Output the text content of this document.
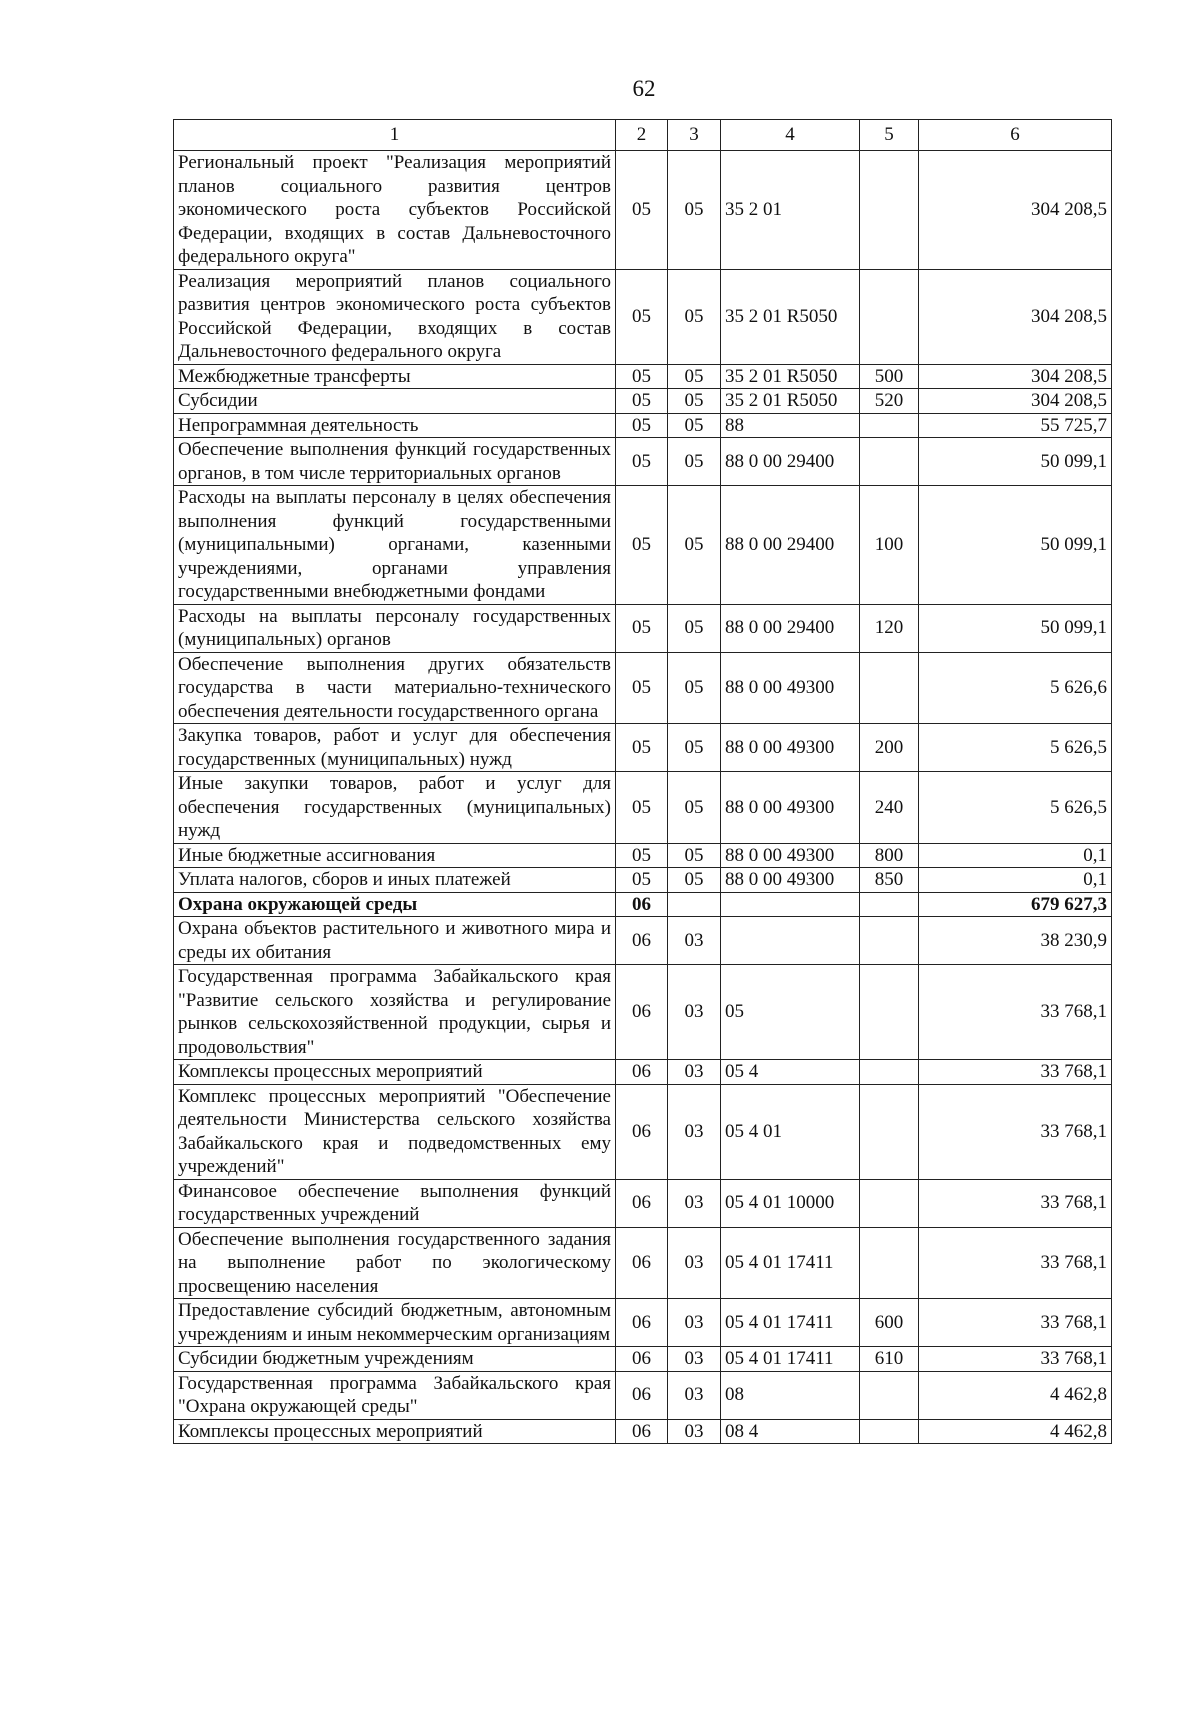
62
1	2	3	4	5	6
Региональный проект "Реализация мероприятий планов социального развития центров экономического роста субъектов Российской Федерации, входящих в состав Дальневосточного федерального округа"	05	05	35 2 01		304 208,5
Реализация мероприятий планов социального развития центров экономического роста субъектов Российской Федерации, входящих в состав Дальневосточного федерального округа	05	05	35 2 01 R5050		304 208,5
Межбюджетные трансферты	05	05	35 2 01 R5050	500	304 208,5
Субсидии	05	05	35 2 01 R5050	520	304 208,5
Непрограммная деятельность	05	05	88		55 725,7
Обеспечение выполнения функций государственных органов, в том числе территориальных органов	05	05	88 0 00 29400		50 099,1
Расходы на выплаты персоналу в целях обеспечения выполнения функций государственными (муниципальными) органами, казенными учреждениями, органами управления государственными внебюджетными фондами	05	05	88 0 00 29400	100	50 099,1
Расходы на выплаты персоналу государственных (муниципальных) органов	05	05	88 0 00 29400	120	50 099,1
Обеспечение выполнения других обязательств государства в части материально-технического обеспечения деятельности государственного органа	05	05	88 0 00 49300		5 626,6
Закупка товаров, работ и услуг для обеспечения государственных (муниципальных) нужд	05	05	88 0 00 49300	200	5 626,5
Иные закупки товаров, работ и услуг для обеспечения государственных (муниципальных) нужд	05	05	88 0 00 49300	240	5 626,5
Иные бюджетные ассигнования	05	05	88 0 00 49300	800	0,1
Уплата налогов, сборов и иных платежей	05	05	88 0 00 49300	850	0,1
Охрана окружающей среды	06				679 627,3
Охрана объектов растительного и животного мира и среды их обитания	06	03			38 230,9
Государственная программа Забайкальского края "Развитие сельского хозяйства и регулирование рынков сельскохозяйственной продукции, сырья и продовольствия"	06	03	05		33 768,1
Комплексы процессных мероприятий	06	03	05 4		33 768,1
Комплекс процессных мероприятий "Обеспечение деятельности Министерства сельского хозяйства Забайкальского края и подведомственных ему учреждений"	06	03	05 4 01		33 768,1
Финансовое обеспечение выполнения функций государственных учреждений	06	03	05 4 01 10000		33 768,1
Обеспечение выполнения государственного задания на выполнение работ по экологическому просвещению населения	06	03	05 4 01 17411		33 768,1
Предоставление субсидий бюджетным, автономным учреждениям и иным некоммерческим организациям	06	03	05 4 01 17411	600	33 768,1
Субсидии бюджетным учреждениям	06	03	05 4 01 17411	610	33 768,1
Государственная программа Забайкальского края "Охрана окружающей среды"	06	03	08		4 462,8
Комплексы процессных мероприятий	06	03	08 4		4 462,8
